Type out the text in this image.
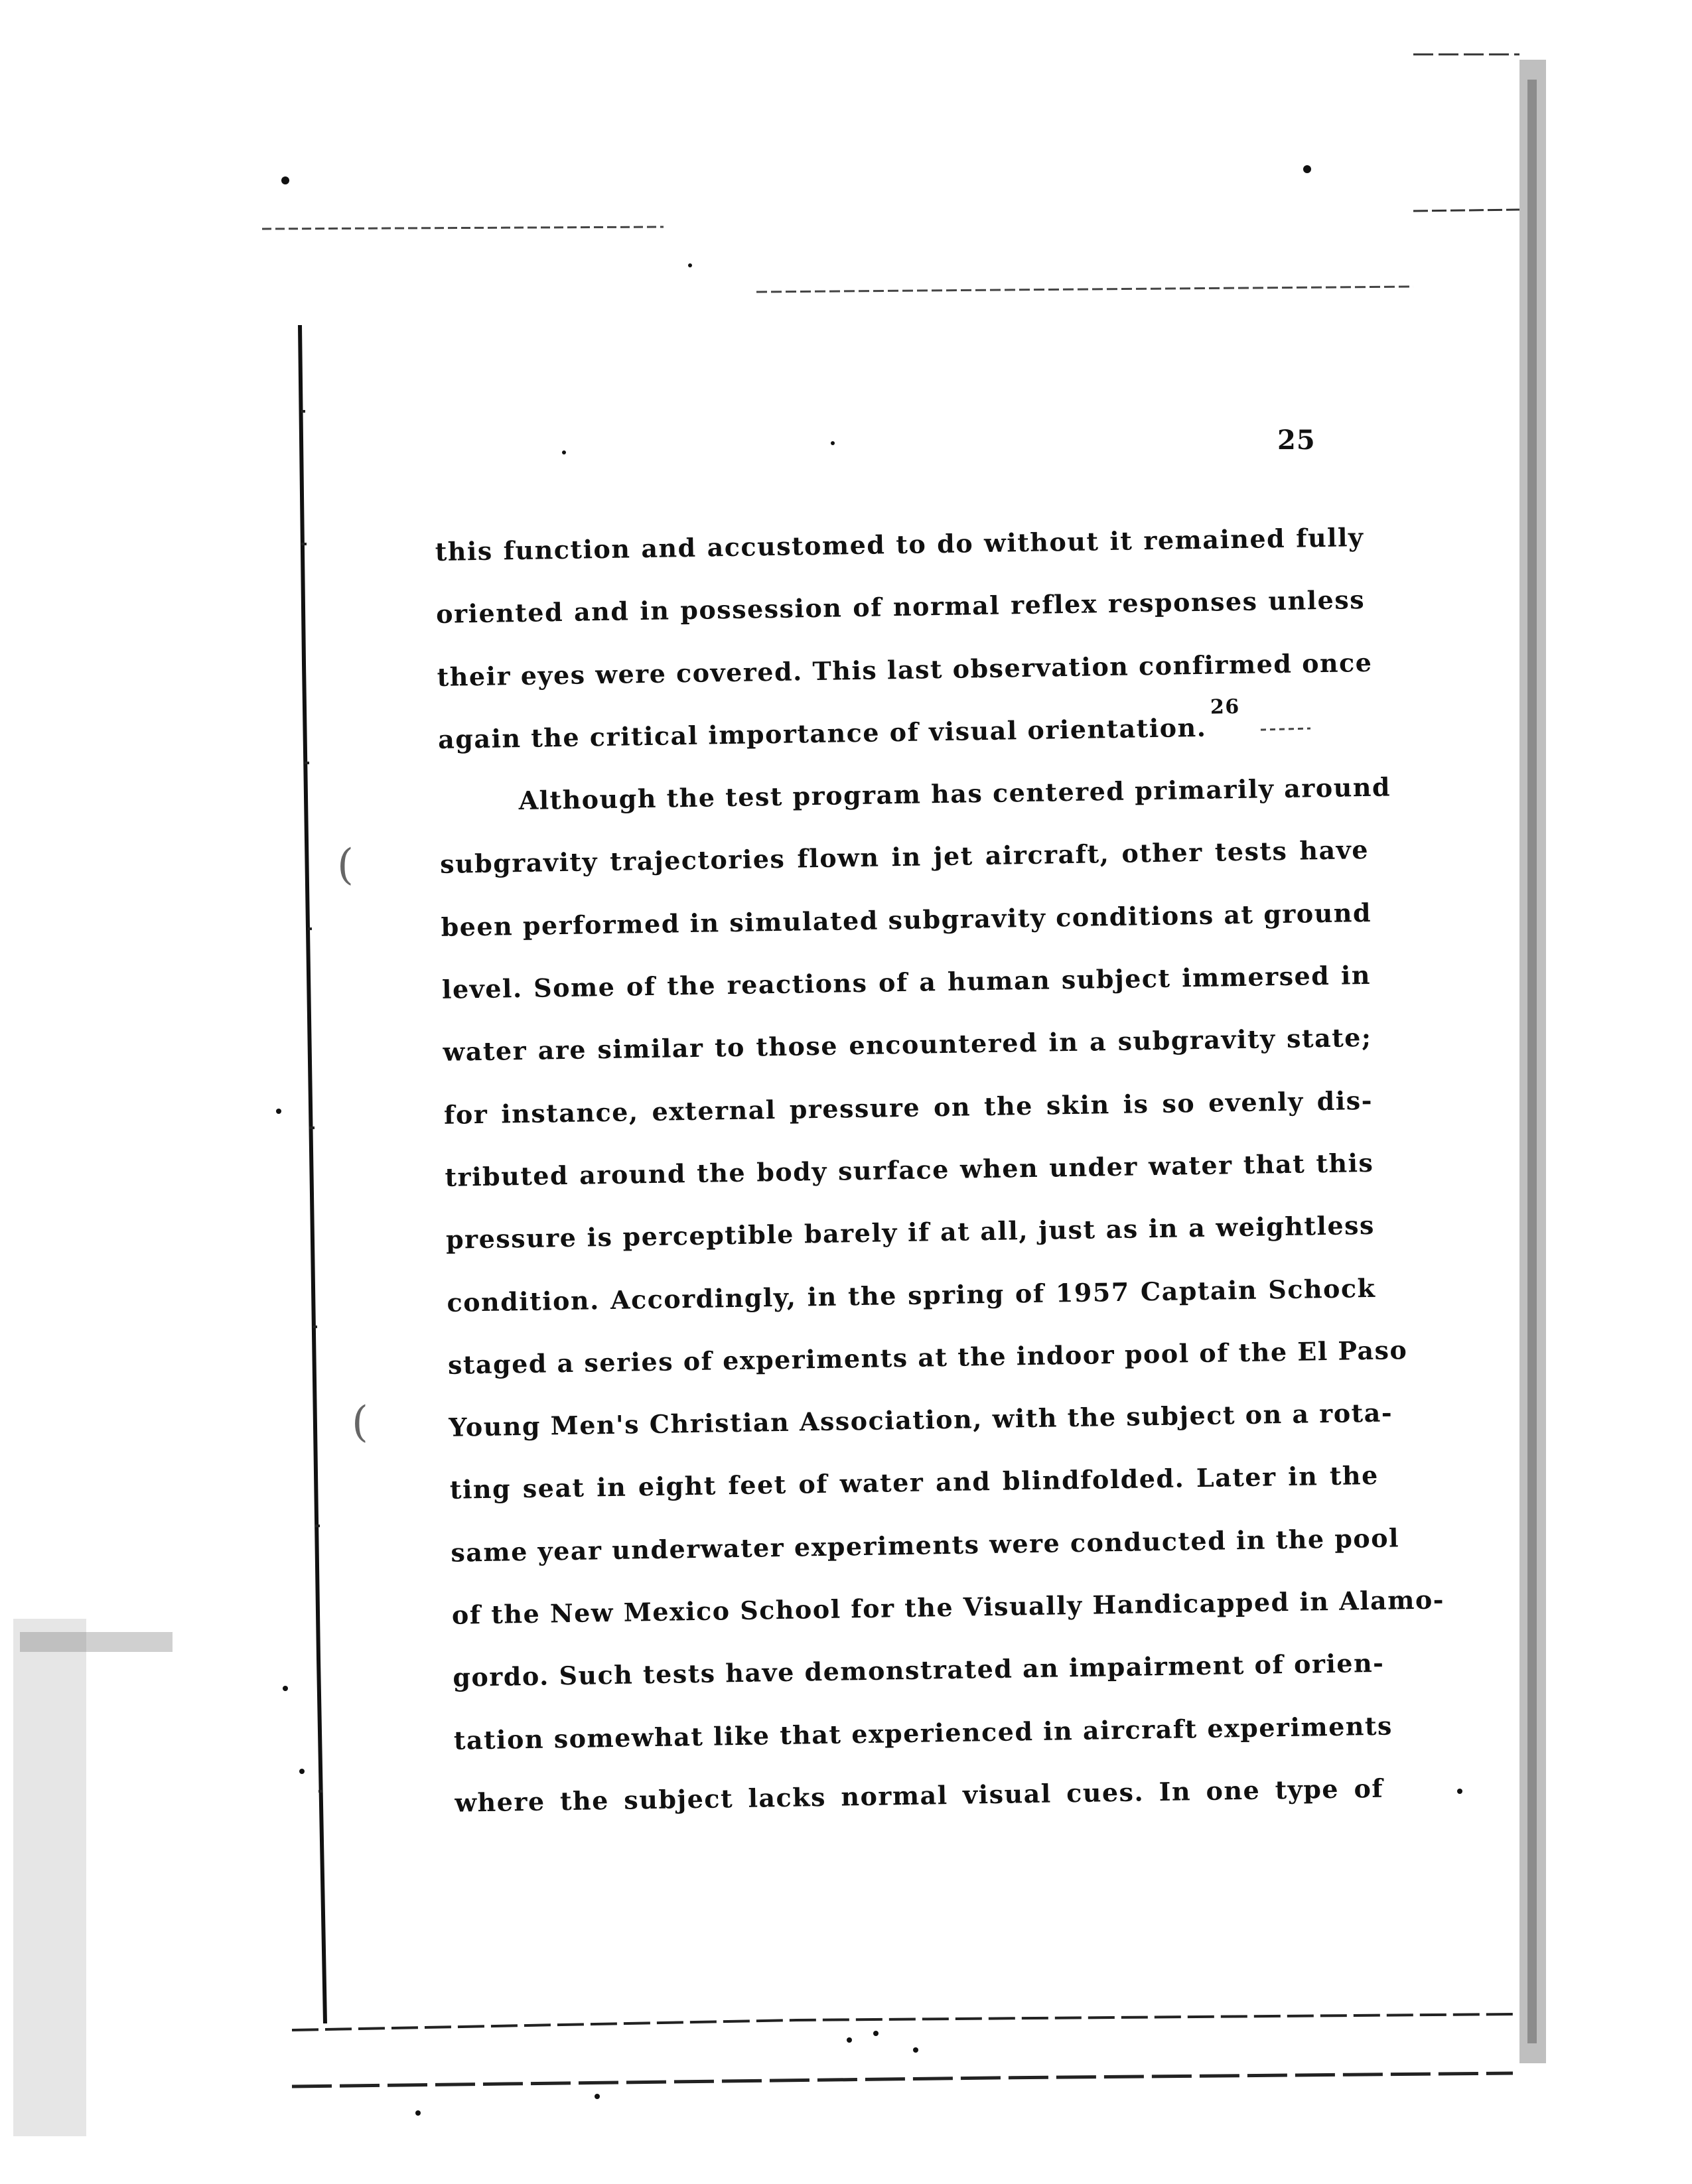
(
(
25
this function and accustomed to do without it remained fully
oriented and in possession of normal reflex responses unless
their eyes were covered. This last observation confirmed once
again the critical importance of visual orientation.$^{26}$
Although the test program has centered primarily around
subgravity trajectories flown in jet aircraft, other tests have
been performed in simulated subgravity conditions at ground
level. Some of the reactions of a human subject immersed in
water are similar to those encountered in a subgravity state;
for instance, external pressure on the skin is so evenly dis-
tributed around the body surface when under water that this
pressure is perceptible barely if at all, just as in a weightless
condition. Accordingly, in the spring of 1957 Captain Schock
staged a series of experiments at the indoor pool of the El Paso
Young Men's Christian Association, with the subject on a rota-
ting seat in eight feet of water and blindfolded. Later in the
same year underwater experiments were conducted in the pool
of the New Mexico School for the Visually Handicapped in Alamo-
gordo. Such tests have demonstrated an impairment of orien-
tation somewhat like that experienced in aircraft experiments
where the subject lacks normal visual cues. In one type of
